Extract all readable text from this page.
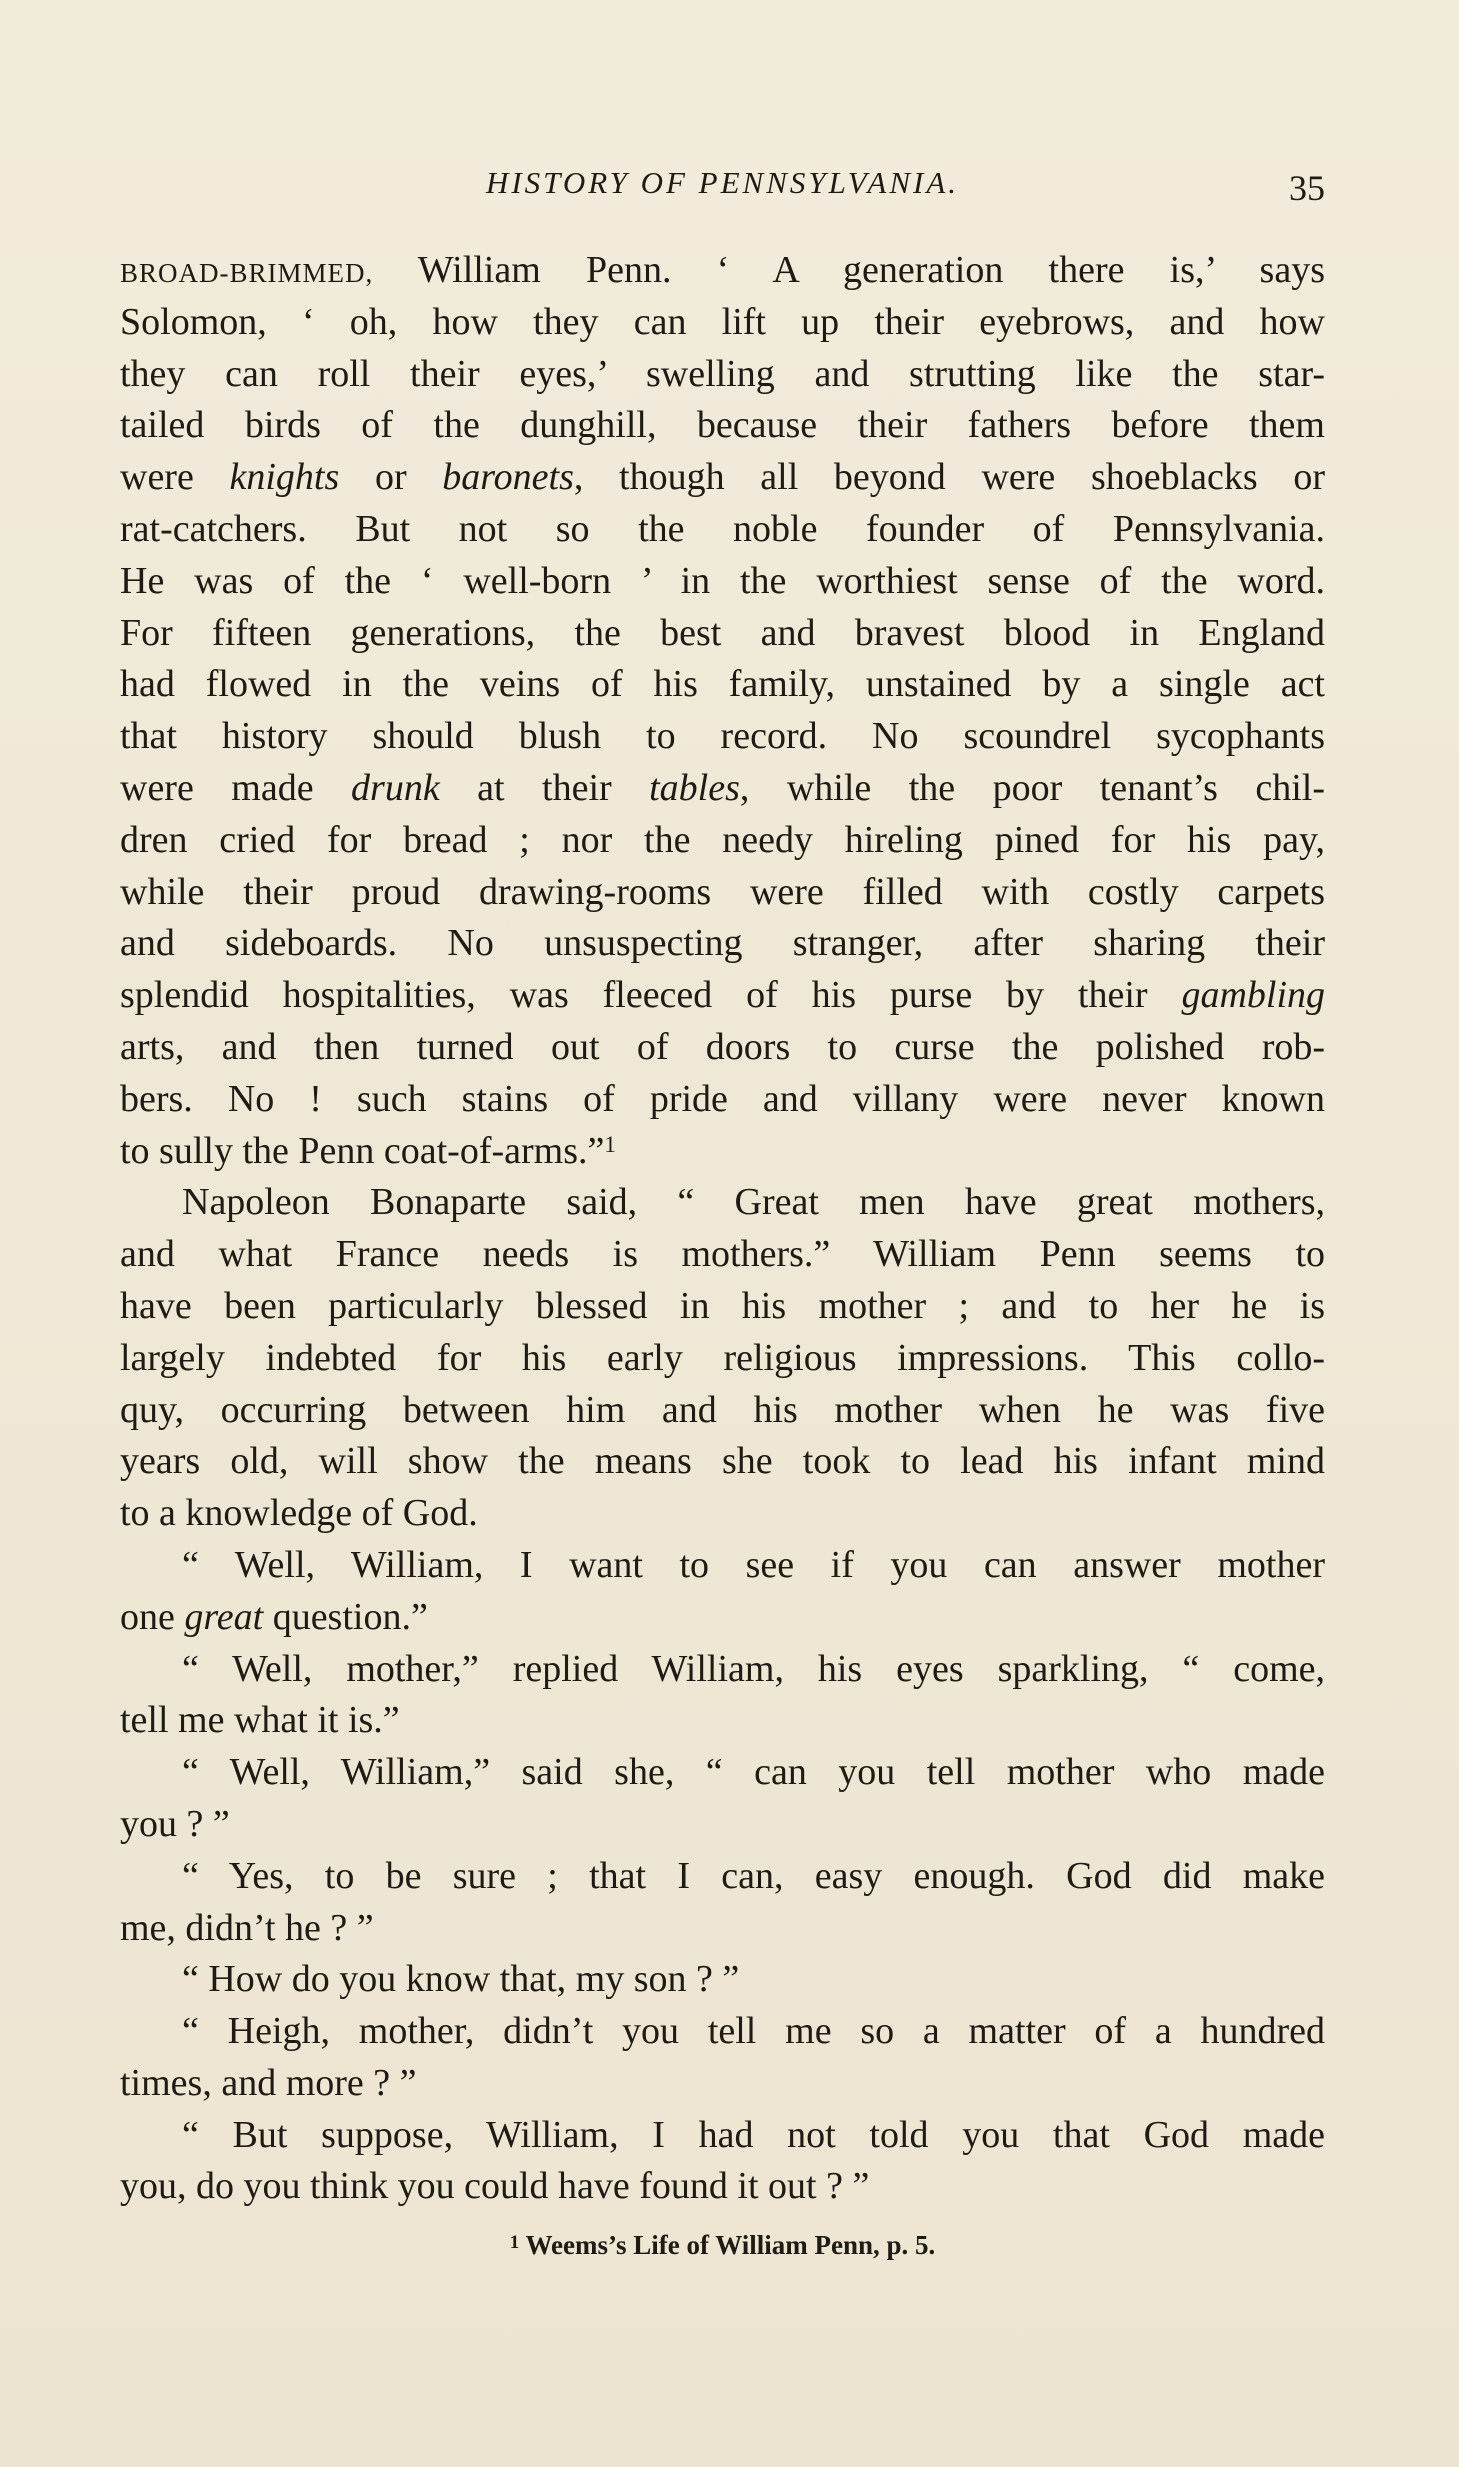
HISTORY OF PENNSYLVANIA.	35
BROAD-BRIMMED, William Penn. ‘ A generation there is,’ says
Solomon, ‘ oh, how they can lift up their eyebrows, and how
they can roll their eyes,’ swelling and strutting like the star-
tailed birds of the dunghill, because their fathers before them
were knights or baronets, though all beyond were shoeblacks or
rat-catchers. But not so the noble founder of Pennsylvania.
He was of the ‘ well-born ’ in the worthiest sense of the word.
For fifteen generations, the best and bravest blood in England
had flowed in the veins of his family, unstained by a single act
that history should blush to record. No scoundrel sycophants
were made drunk at their tables, while the poor tenant’s chil-
dren cried for bread ; nor the needy hireling pined for his pay,
while their proud drawing-rooms were filled with costly carpets
and sideboards. No unsuspecting stranger, after sharing their
splendid hospitalities, was fleeced of his purse by their gambling
arts, and then turned out of doors to curse the polished rob-
bers. No ! such stains of pride and villany were never known
to sully the Penn coat-of-arms.”$^1$
Napoleon Bonaparte said, “ Great men have great mothers,
and what France needs is mothers.” William Penn seems to
have been particularly blessed in his mother ; and to her he is
largely indebted for his early religious impressions. This collo-
quy, occurring between him and his mother when he was five
years old, will show the means she took to lead his infant mind
to a knowledge of God.
“ Well, William, I want to see if you can answer mother
one great question.”
“ Well, mother,” replied William, his eyes sparkling, “ come,
tell me what it is.”
“ Well, William,” said she, “ can you tell mother who made
you ? ”
“ Yes, to be sure ; that I can, easy enough. God did make
me, didn’t he ? ”
“ How do you know that, my son ? ”
“ Heigh, mother, didn’t you tell me so a matter of a hundred
times, and more ? ”
“ But suppose, William, I had not told you that God made
you, do you think you could have found it out ? ”
$^1$ Weems’s Life of William Penn, p. 5.
